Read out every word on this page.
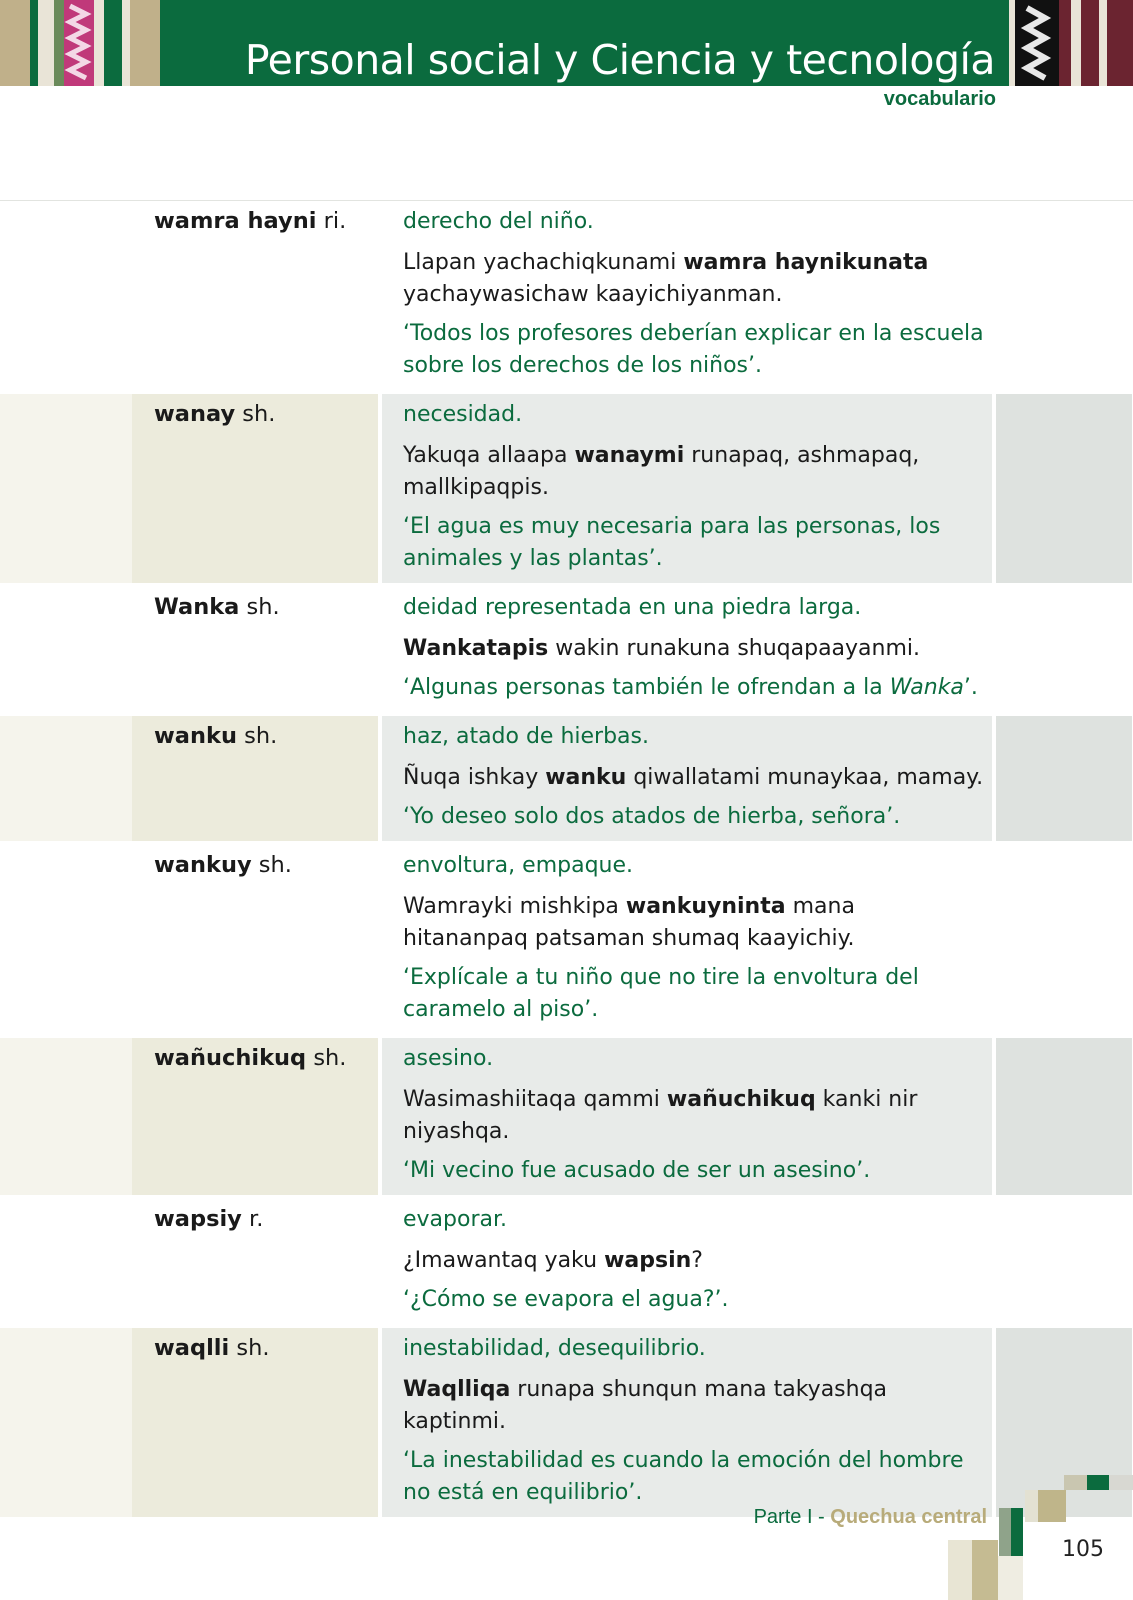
Personal social y Ciencia y tecnología
vocabulario
wamra hayni ri.	derecho del niño.
Llapan yachachiqkunami wamra haynikunata yachaywasichaw kaayichiyanman.
‘Todos los profesores deberían explicar en la escuela sobre los derechos de los niños’.
wanay sh.	necesidad.
Yakuqa allaapa wanaymi runapaq, ashmapaq, mallkipaqpis.
‘El agua es muy necesaria para las personas, los animales y las plantas’.
Wanka sh.	deidad representada en una piedra larga.
Wankatapis wakin runakuna shuqapaayanmi.
‘Algunas personas también le ofrendan a la Wanka’.
wanku sh.	haz, atado de hierbas.
Ñuqa ishkay wanku qiwallatami munaykaa, mamay.
‘Yo deseo solo dos atados de hierba, señora’.
wankuy sh.	envoltura, empaque.
Wamrayki mishkipa wankuyninta mana hitananpaq patsaman shumaq kaayichiy.
‘Explícale a tu niño que no tire la envoltura del caramelo al piso’.
wañuchikuq sh.	asesino.
Wasimashiitaqa qammi wañuchikuq kanki nir niyashqa.
‘Mi vecino fue acusado de ser un asesino’.
wapsiy r.	evaporar.
¿Imawantaq yaku wapsin?
‘¿Cómo se evapora el agua?’.
waqlli sh.	inestabilidad, desequilibrio.
Waqlliqa runapa shunqun mana takyashqa kaptinmi.
‘La inestabilidad es cuando la emoción del hombre no está en equilibrio’.
Parte I - Quechua central
105
